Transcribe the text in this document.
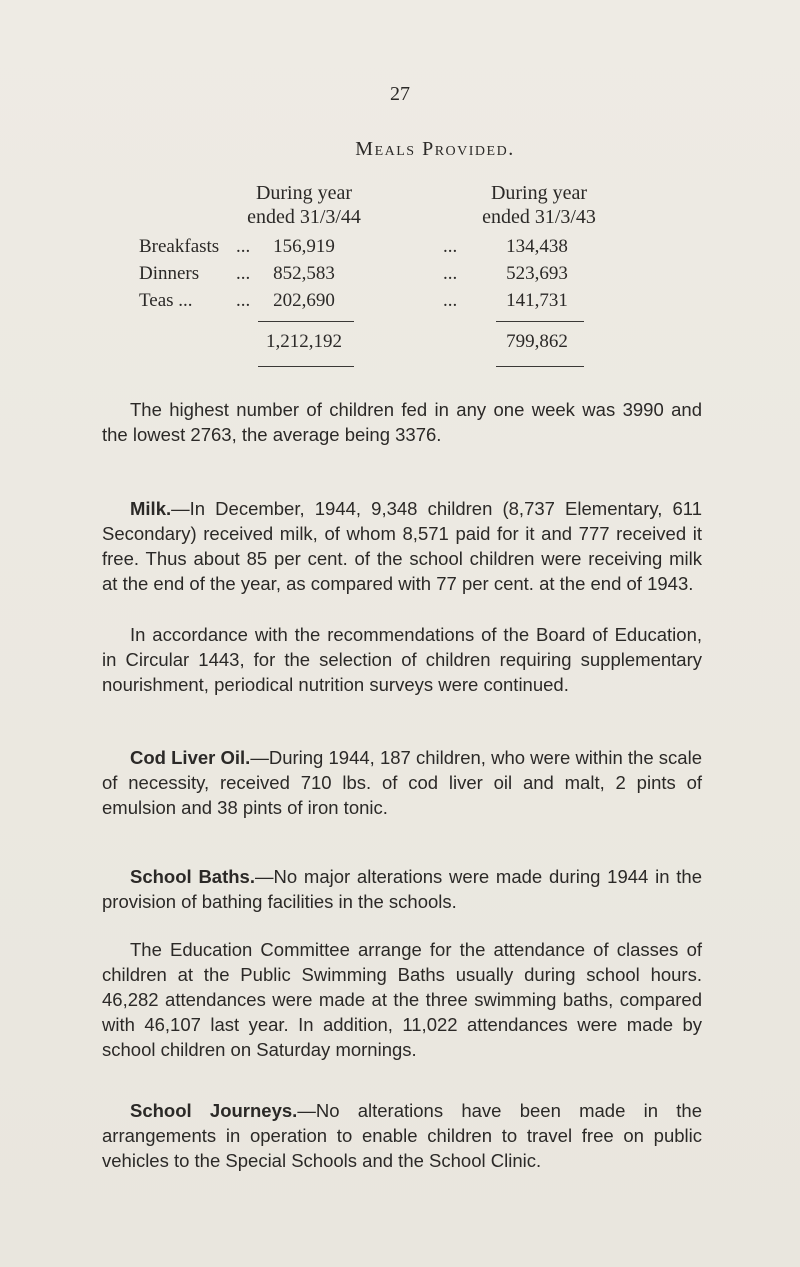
27
Meals Provided.
During year
ended 31/3/44
During year
ended 31/3/43
Breakfasts ...	156,919	...	134,438
Dinners ...	852,583	...	523,693
Teas ... ...	202,690	...	141,731
1,212,192	799,862

The highest number of children fed in any one week was 3990 and the lowest 2763, the average being 3376.

Milk.—In December, 1944, 9,348 children (8,737 Elementary, 611 Secondary) received milk, of whom 8,571 paid for it and 777 received it free. Thus about 85 per cent. of the school children were receiving milk at the end of the year, as compared with 77 per cent. at the end of 1943.

In accordance with the recommendations of the Board of Education, in Circular 1443, for the selection of children requiring supplementary nourishment, periodical nutrition surveys were continued.

Cod Liver Oil.—During 1944, 187 children, who were within the scale of necessity, received 710 lbs. of cod liver oil and malt, 2 pints of emulsion and 38 pints of iron tonic.

School Baths.—No major alterations were made during 1944 in the provision of bathing facilities in the schools.

The Education Committee arrange for the attendance of classes of children at the Public Swimming Baths usually during school hours. 46,282 attendances were made at the three swimming baths, compared with 46,107 last year. In addition, 11,022 attendances were made by school children on Saturday mornings.

School Journeys.—No alterations have been made in the arrangements in operation to enable children to travel free on public vehicles to the Special Schools and the School Clinic.
